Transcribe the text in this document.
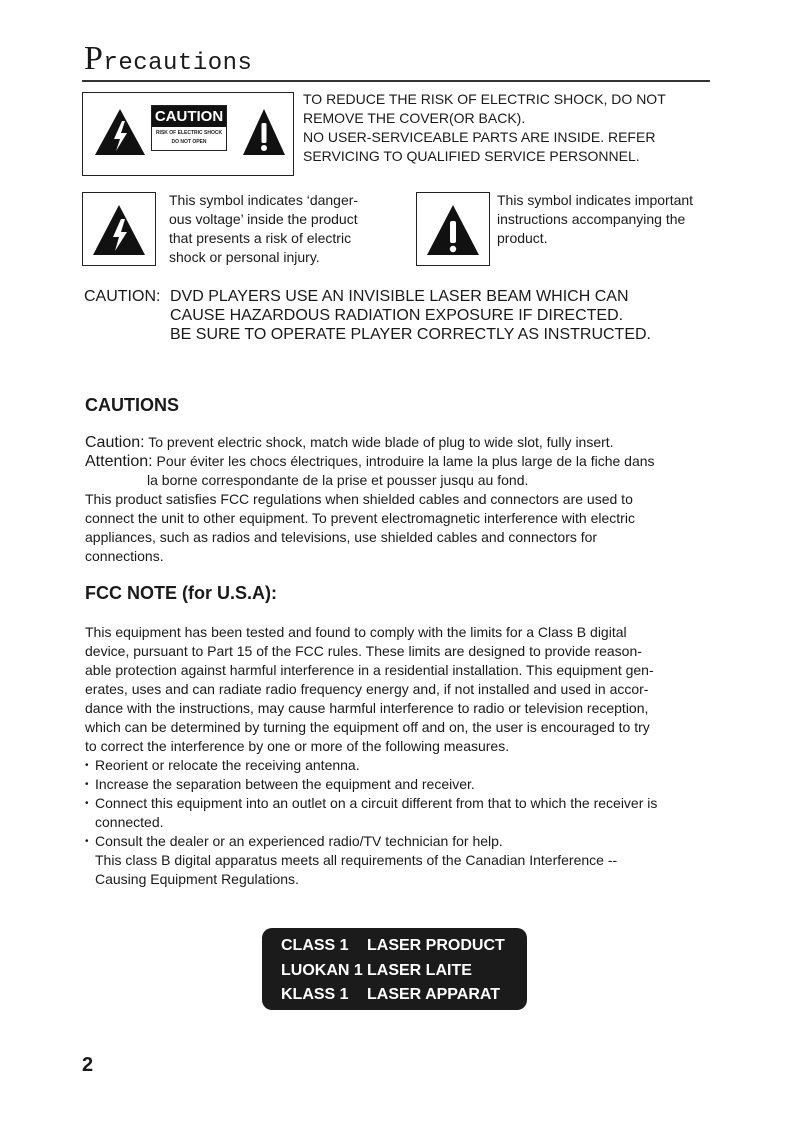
Precautions
CAUTION
RISK OF ELECTRIC SHOCK
DO NOT OPEN
TO REDUCE THE RISK OF ELECTRIC SHOCK, DO NOT
REMOVE THE COVER(OR BACK).
NO USER-SERVICEABLE PARTS ARE INSIDE. REFER
SERVICING TO QUALIFIED SERVICE PERSONNEL.
This symbol indicates ‘danger-
ous voltage’ inside the product
that presents a risk of electric
shock or personal injury.
This symbol indicates important
instructions accompanying the
product.
CAUTION: DVD PLAYERS USE AN INVISIBLE LASER BEAM WHICH CAN
CAUSE HAZARDOUS RADIATION EXPOSURE IF DIRECTED.
BE SURE TO OPERATE PLAYER CORRECTLY AS INSTRUCTED.
CAUTIONS
Caution: To prevent electric shock, match wide blade of plug to wide slot, fully insert.
Attention: Pour éviter les chocs électriques, introduire la lame la plus large de la fiche dans
la borne correspondante de la prise et pousser jusqu au fond.
This product satisfies FCC regulations when shielded cables and connectors are used to
connect the unit to other equipment. To prevent electromagnetic interference with electric
appliances, such as radios and televisions, use shielded cables and connectors for
connections.
FCC NOTE (for U.S.A):
This equipment has been tested and found to comply with the limits for a Class B digital
device, pursuant to Part 15 of the FCC rules. These limits are designed to provide reason-
able protection against harmful interference in a residential installation. This equipment gen-
erates, uses and can radiate radio frequency energy and, if not installed and used in accor-
dance with the instructions, may cause harmful interference to radio or television reception,
which can be determined by turning the equipment off and on, the user is encouraged to try
to correct the interference by one or more of the following measures.
• Reorient or relocate the receiving antenna.
• Increase the separation between the equipment and receiver.
• Connect this equipment into an outlet on a circuit different from that to which the receiver is
connected.
• Consult the dealer or an experienced radio/TV technician for help.
This class B digital apparatus meets all requirements of the Canadian Interference --
Causing Equipment Regulations.
CLASS 1 LASER PRODUCT
LUOKAN 1 LASER LAITE
KLASS 1 LASER APPARAT
2
